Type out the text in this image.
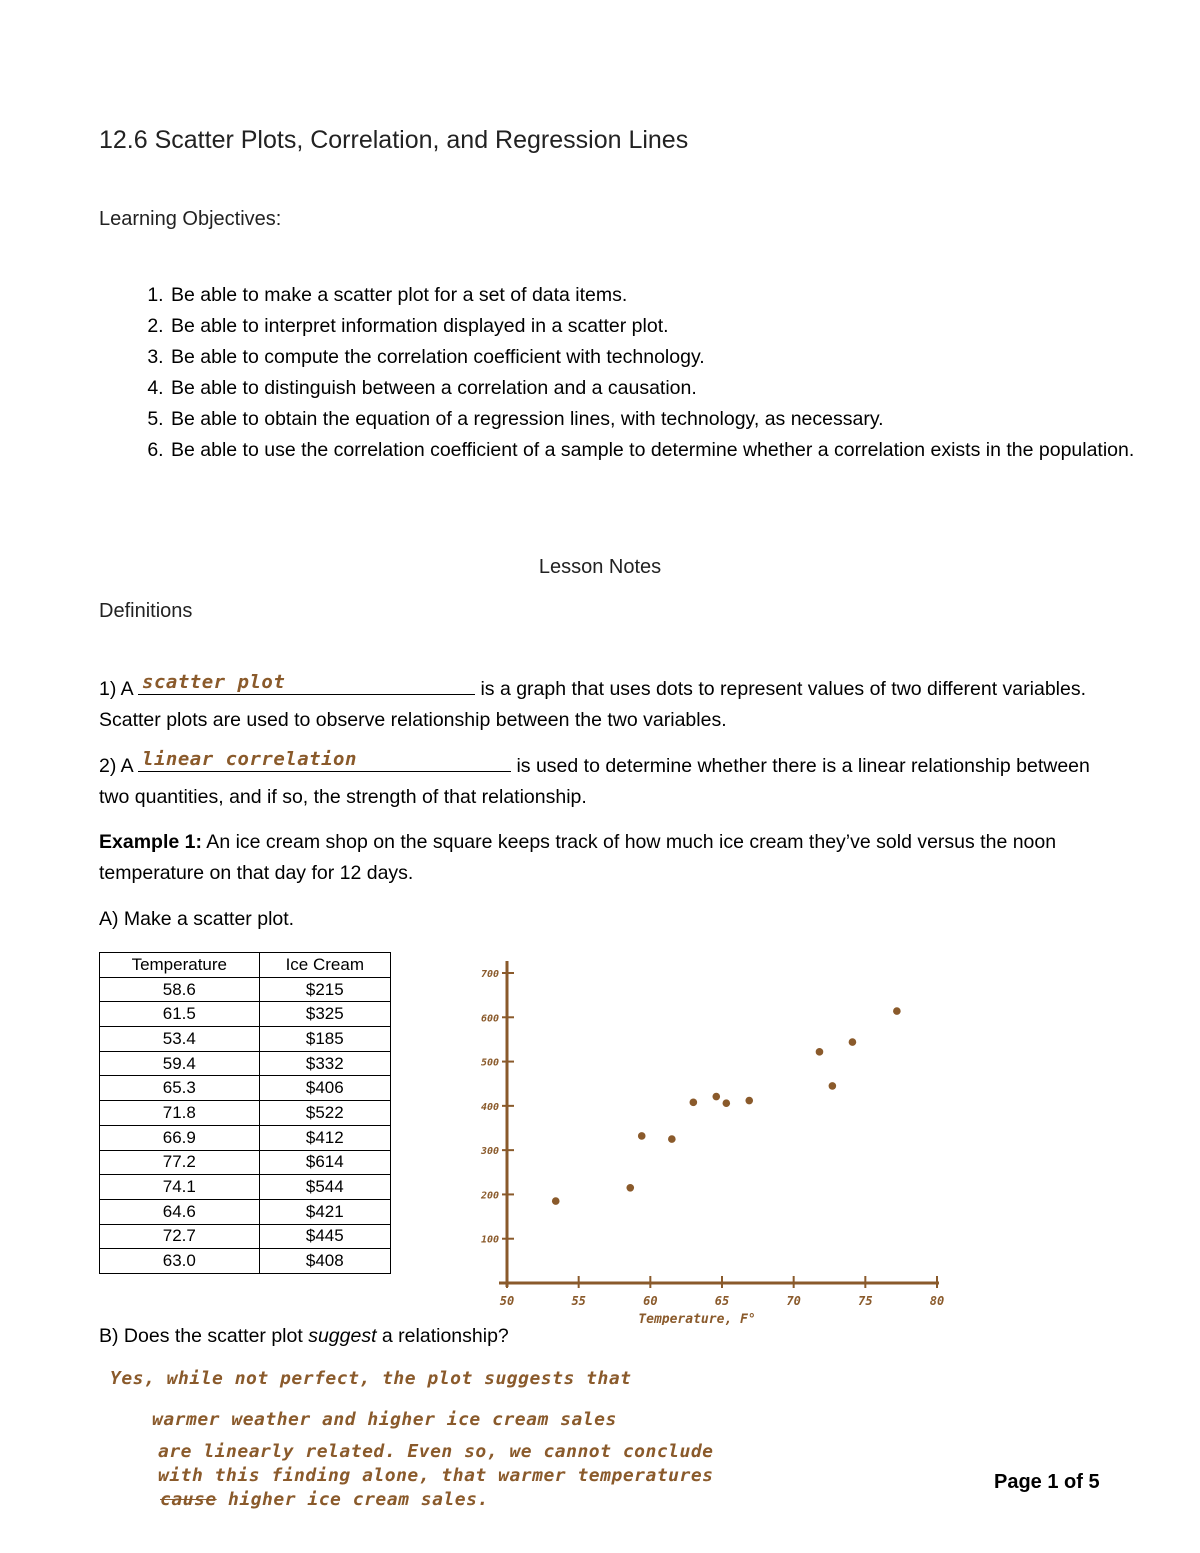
12.6 Scatter Plots, Correlation, and Regression Lines
Learning Objectives:
1. Be able to make a scatter plot for a set of data items.
2. Be able to interpret information displayed in a scatter plot.
3. Be able to compute the correlation coefficient with technology.
4. Be able to distinguish between a correlation and a causation.
5. Be able to obtain the equation of a regression lines, with technology, as necessary.
6. Be able to use the correlation coefficient of a sample to determine whether a correlation exists in the population.
Lesson Notes
Definitions
1) A scatter plot	is a graph that uses dots to represent values of two different variables. Scatter plots are used to observe relationship between the two variables.
2) A linear correlation	is used to determine whether there is a linear relationship between two quantities, and if so, the strength of that relationship.
Example 1: An ice cream shop on the square keeps track of how much ice cream they’ve sold versus the noon temperature on that day for 12 days.
A) Make a scatter plot.
Temperature	Ice Cream
58.6	$215
61.5	$325
53.4	$185
59.4	$332
65.3	$406
71.8	$522
66.9	$412
77.2	$614
74.1	$544
64.6	$421
72.7	$445
63.0	$408
50	55	60	65	70	75	80
700
600
500
400
300
200
100
Temperature, F°
B) Does the scatter plot suggest a relationship?
Yes, while not perfect, the plot suggests that
warmer weather and higher ice cream sales
are linearly related. Even so, we cannot conclude
with this finding alone, that warmer temperatures
cause higher ice cream sales.
Page 1 of 5
